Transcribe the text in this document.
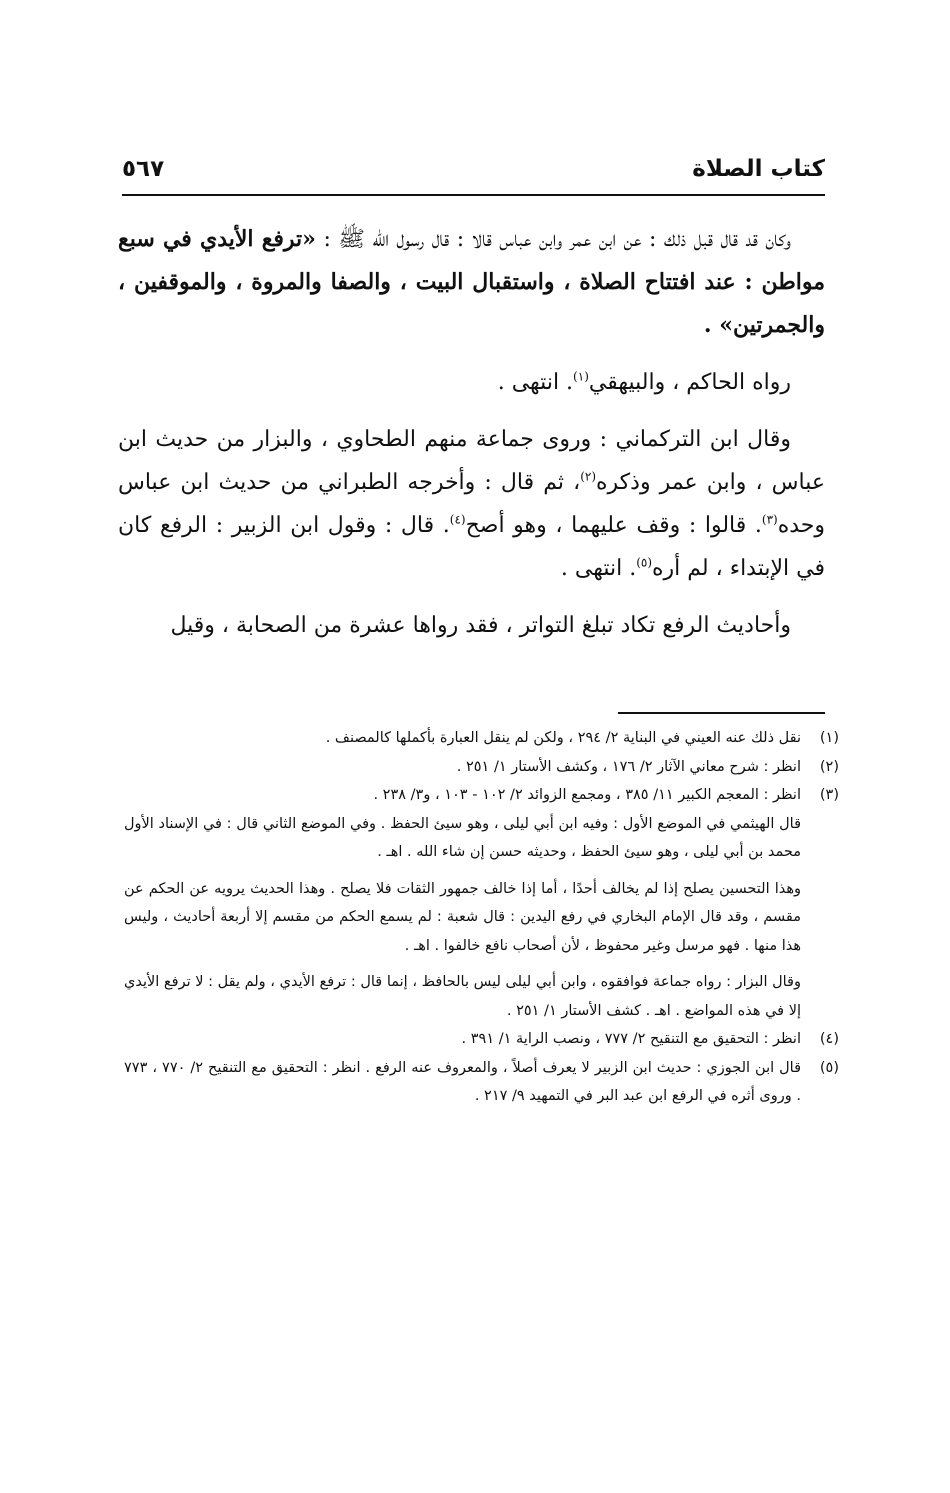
كتاب الصلاة
٥٦٧

وكان قد قال قبل ذلك : عن ابن عمر وابن عباس قالا : قال رسول الله ﷺ : «ترفع الأيدي في سبع مواطن : عند افتتاح الصلاة ، واستقبال البيت ، والصفا والمروة ، والموقفين ، والجمرتين» .

رواه الحاكم ، والبيهقي$^{(١)}$. انتهى .

وقال ابن التركماني : وروى جماعة منهم الطحاوي ، والبزار من حديث ابن عباس ، وابن عمر وذكره$^{(٢)}$، ثم قال : وأخرجه الطبراني من حديث ابن عباس وحده$^{(٣)}$. قالوا : وقف عليهما ، وهو أصح$^{(٤)}$. قال : وقول ابن الزبير : الرفع كان في الإبتداء ، لم أره$^{(٥)}$. انتهى .

وأحاديث الرفع تكاد تبلغ التواتر ، فقد رواها عشرة من الصحابة ، وقيل

(١)

نقل ذلك عنه العيني في البناية ٢/ ٢٩٤ ، ولكن لم ينقل العبارة بأكملها كالمصنف .

(٢)

انظر : شرح معاني الآثار ٢/ ١٧٦ ، وكشف الأستار ١/ ٢٥١ .

(٣)

انظر : المعجم الكبير ١١/ ٣٨٥ ، ومجمع الزوائد ٢/ ١٠٢ - ١٠٣ ، و٣/ ٢٣٨ .

قال الهيثمي في الموضع الأول : وفيه ابن أبي ليلى ، وهو سيئ الحفظ . وفي الموضع الثاني قال : في الإسناد الأول محمد بن أبي ليلى ، وهو سيئ الحفظ ، وحديثه حسن إن شاء الله . اهـ .

وهذا التحسين يصلح إذا لم يخالف أحدًا ، أما إذا خالف جمهور الثقات فلا يصلح . وهذا الحديث يرويه عن الحكم عن مقسم ، وقد قال الإمام البخاري في رفع اليدين : قال شعبة : لم يسمع الحكم من مقسم إلا أربعة أحاديث ، وليس هذا منها . فهو مرسل وغير محفوظ ، لأن أصحاب نافع خالفوا . اهـ .

وقال البزار : رواه جماعة فوافقوه ، وابن أبي ليلى ليس بالحافظ ، إنما قال : ترفع الأيدي ، ولم يقل : لا ترفع الأيدي إلا في هذه المواضع . اهـ . كشف الأستار ١/ ٢٥١ .

(٤)

انظر : التحقيق مع التنقيح ٢/ ٧٧٧ ، ونصب الراية ١/ ٣٩١ .

(٥)

قال ابن الجوزي : حديث ابن الزبير لا يعرف أصلاً ، والمعروف عنه الرفع . انظر : التحقيق مع التنقيح ٢/ ٧٧٠ ، ٧٧٣ . وروى أثره في الرفع ابن عبد البر في التمهيد ٩/ ٢١٧ .
